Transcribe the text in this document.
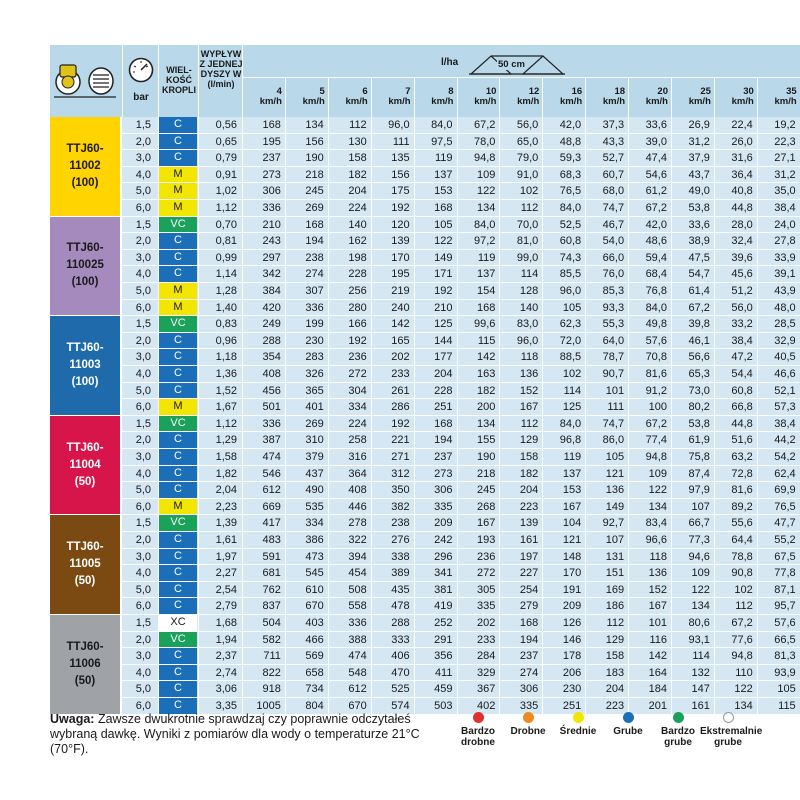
bar
WIEL-
KOŚĆ
KROPLI
WYPŁYW
Z JEDNEJ
DYSZY W
(l/min)
l/ha	50 cm
4
km/h
5
km/h
6
km/h
7
km/h
8
km/h
10
km/h
12
km/h
16
km/h
18
km/h
20
km/h
25
km/h
30
km/h
35
km/h
TTJ60-
11002
(100)
1,5	C	0,56	168	134	112	96,0	84,0	67,2	56,0	42,0	37,3	33,6	26,9	22,4	19,2
2,0	C	0,65	195	156	130	111	97,5	78,0	65,0	48,8	43,3	39,0	31,2	26,0	22,3
3,0	C	0,79	237	190	158	135	119	94,8	79,0	59,3	52,7	47,4	37,9	31,6	27,1
4,0	M	0,91	273	218	182	156	137	109	91,0	68,3	60,7	54,6	43,7	36,4	31,2
5,0	M	1,02	306	245	204	175	153	122	102	76,5	68,0	61,2	49,0	40,8	35,0
6,0	M	1,12	336	269	224	192	168	134	112	84,0	74,7	67,2	53,8	44,8	38,4
TTJ60-
110025
(100)
1,5	VC	0,70	210	168	140	120	105	84,0	70,0	52,5	46,7	42,0	33,6	28,0	24,0
2,0	C	0,81	243	194	162	139	122	97,2	81,0	60,8	54,0	48,6	38,9	32,4	27,8
3,0	C	0,99	297	238	198	170	149	119	99,0	74,3	66,0	59,4	47,5	39,6	33,9
4,0	C	1,14	342	274	228	195	171	137	114	85,5	76,0	68,4	54,7	45,6	39,1
5,0	M	1,28	384	307	256	219	192	154	128	96,0	85,3	76,8	61,4	51,2	43,9
6,0	M	1,40	420	336	280	240	210	168	140	105	93,3	84,0	67,2	56,0	48,0
TTJ60-
11003
(100)
1,5	VC	0,83	249	199	166	142	125	99,6	83,0	62,3	55,3	49,8	39,8	33,2	28,5
2,0	C	0,96	288	230	192	165	144	115	96,0	72,0	64,0	57,6	46,1	38,4	32,9
3,0	C	1,18	354	283	236	202	177	142	118	88,5	78,7	70,8	56,6	47,2	40,5
4,0	C	1,36	408	326	272	233	204	163	136	102	90,7	81,6	65,3	54,4	46,6
5,0	C	1,52	456	365	304	261	228	182	152	114	101	91,2	73,0	60,8	52,1
6,0	M	1,67	501	401	334	286	251	200	167	125	111	100	80,2	66,8	57,3
TTJ60-
11004
(50)
1,5	VC	1,12	336	269	224	192	168	134	112	84,0	74,7	67,2	53,8	44,8	38,4
2,0	C	1,29	387	310	258	221	194	155	129	96,8	86,0	77,4	61,9	51,6	44,2
3,0	C	1,58	474	379	316	271	237	190	158	119	105	94,8	75,8	63,2	54,2
4,0	C	1,82	546	437	364	312	273	218	182	137	121	109	87,4	72,8	62,4
5,0	C	2,04	612	490	408	350	306	245	204	153	136	122	97,9	81,6	69,9
6,0	M	2,23	669	535	446	382	335	268	223	167	149	134	107	89,2	76,5
TTJ60-
11005
(50)
1,5	VC	1,39	417	334	278	238	209	167	139	104	92,7	83,4	66,7	55,6	47,7
2,0	C	1,61	483	386	322	276	242	193	161	121	107	96,6	77,3	64,4	55,2
3,0	C	1,97	591	473	394	338	296	236	197	148	131	118	94,6	78,8	67,5
4,0	C	2,27	681	545	454	389	341	272	227	170	151	136	109	90,8	77,8
5,0	C	2,54	762	610	508	435	381	305	254	191	169	152	122	102	87,1
6,0	C	2,79	837	670	558	478	419	335	279	209	186	167	134	112	95,7
TTJ60-
11006
(50)
1,5	XC	1,68	504	403	336	288	252	202	168	126	112	101	80,6	67,2	57,6
2,0	VC	1,94	582	466	388	333	291	233	194	146	129	116	93,1	77,6	66,5
3,0	C	2,37	711	569	474	406	356	284	237	178	158	142	114	94,8	81,3
4,0	C	2,74	822	658	548	470	411	329	274	206	183	164	132	110	93,9
5,0	C	3,06	918	734	612	525	459	367	306	230	204	184	147	122	105
6,0	C	3,35	1005	804	670	574	503	402	335	251	223	201	161	134	115
Uwaga: Zawsze dwukrotnie sprawdzaj czy poprawnie odczytałeś wybraną dawkę. Wyniki z pomiarów dla wody o temperaturze 21°C (70°F).
Bardzo
drobne
Drobne	Średnie	Grube	Bardzo
grube
Ekstremalnie
grube
